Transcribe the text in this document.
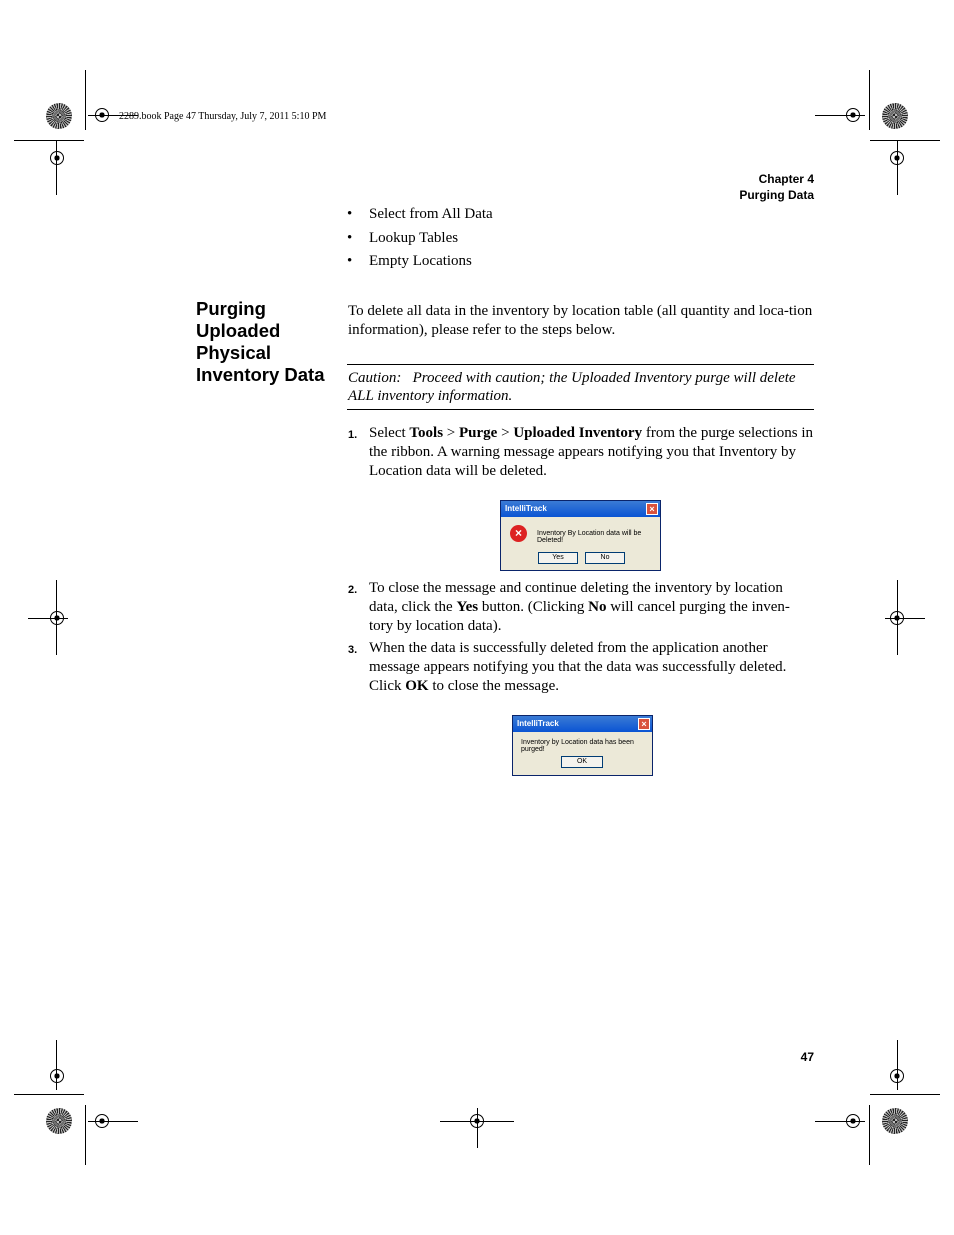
2289.book Page 47 Thursday, July 7, 2011 5:10 PM
Chapter 4
Purging Data
• Select from All Data
• Lookup Tables
• Empty Locations
Purging
Uploaded
Physical
Inventory Data
To delete all data in the inventory by location table (all quantity and loca-tion information), please refer to the steps below.
Caution: Proceed with caution; the Uploaded Inventory purge will delete ALL inventory information.
1. Select Tools > Purge > Uploaded Inventory from the purge selections in the ribbon. A warning message appears notifying you that Inventory by Location data will be deleted.
IntelliTrack	×
×	Inventory By Location data will be Deleted!
Yes	No
2. To close the message and continue deleting the inventory by location data, click the Yes button. (Clicking No will cancel purging the inven-tory by location data).
3. When the data is successfully deleted from the application another message appears notifying you that the data was successfully deleted. Click OK to close the message.
IntelliTrack	×
Inventory by Location data has been purged!
OK
47
